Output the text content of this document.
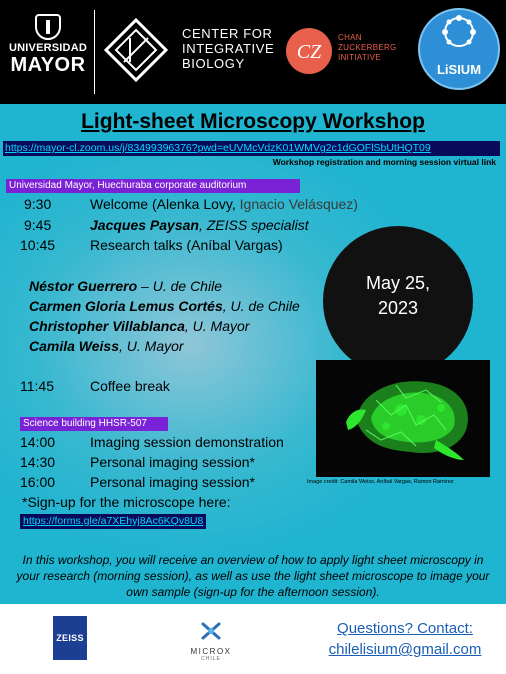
UNIVERSIDAD
MAYOR
CENTER FOR
INTEGRATIVE
BIOLOGY
CZ
CHAN
ZUCKERBERG
INITIATIVE
LiSIUM
Light-sheet Microscopy Workshop
https://mayor-cl.zoom.us/j/83499396376?pwd=eUVMcVdzK01WMVg2c1dGOFlSbUtHQT09
Workshop registration and morning session virtual link
Universidad Mayor, Huechuraba corporate auditorium
9:30	Welcome (Alenka Lovy, Ignacio Velásquez)
9:45	Jacques Paysan, ZEISS specialist
10:45 Research talks (Aníbal Vargas)
Néstor Guerrero – U. de Chile
Carmen Gloria Lemus Cortés, U. de Chile
Christopher Villablanca, U. Mayor
Camila Weiss, U. Mayor
11:45	Coffee break
May 25,
2023
Image credit: Camila Weiss, Aníbal Vargas, Ramon Ramirez
Science building HHSR-507
14:00 Imaging session demonstration
14:30 Personal imaging session*
16:00 Personal imaging session*
*Sign-up for the microscope here:
https://forms.gle/a7XEhyj8Ac6KQv8U8
In this workshop, you will receive an overview of how to apply light sheet microscopy in your research (morning session), as well as use the light sheet microscope to image your own sample (sign-up for the afternoon session).
ZEISS
MICROX
CHILE
Questions? Contact:
chilelisium@gmail.com
